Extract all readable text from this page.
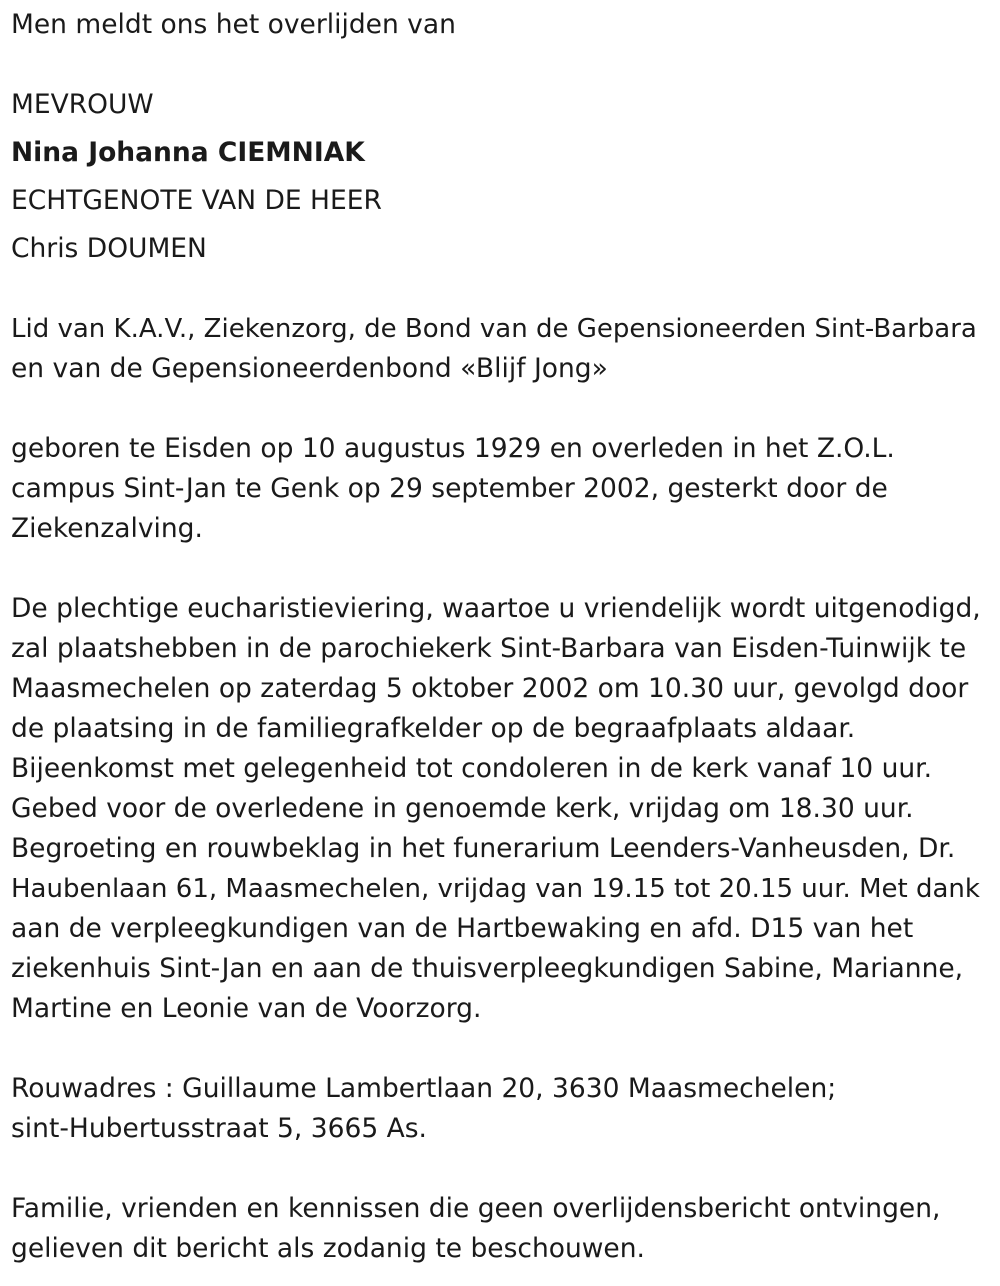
Men meldt ons het overlijden van
MEVROUW
Nina Johanna CIEMNIAK
ECHTGENOTE VAN DE HEER
Chris DOUMEN
Lid van K.A.V., Ziekenzorg, de Bond van de Gepensioneerden Sint-Barbara
en van de Gepensioneerdenbond «Blijf Jong»
geboren te Eisden op 10 augustus 1929 en overleden in het Z.O.L.
campus Sint-Jan te Genk op 29 september 2002, gesterkt door de
Ziekenzalving.
De plechtige eucharistieviering, waartoe u vriendelijk wordt uitgenodigd,
zal plaatshebben in de parochiekerk Sint-Barbara van Eisden-Tuinwijk te
Maasmechelen op zaterdag 5 oktober 2002 om 10.30 uur, gevolgd door
de plaatsing in de familiegrafkelder op de begraafplaats aldaar.
Bijeenkomst met gelegenheid tot condoleren in de kerk vanaf 10 uur.
Gebed voor de overledene in genoemde kerk, vrijdag om 18.30 uur.
Begroeting en rouwbeklag in het funerarium Leenders-Vanheusden, Dr.
Haubenlaan 61, Maasmechelen, vrijdag van 19.15 tot 20.15 uur. Met dank
aan de verpleegkundigen van de Hartbewaking en afd. D15 van het
ziekenhuis Sint-Jan en aan de thuisverpleegkundigen Sabine, Marianne,
Martine en Leonie van de Voorzorg.
Rouwadres : Guillaume Lambertlaan 20, 3630 Maasmechelen;
sint-Hubertusstraat 5, 3665 As.
Familie, vrienden en kennissen die geen overlijdensbericht ontvingen,
gelieven dit bericht als zodanig te beschouwen.
